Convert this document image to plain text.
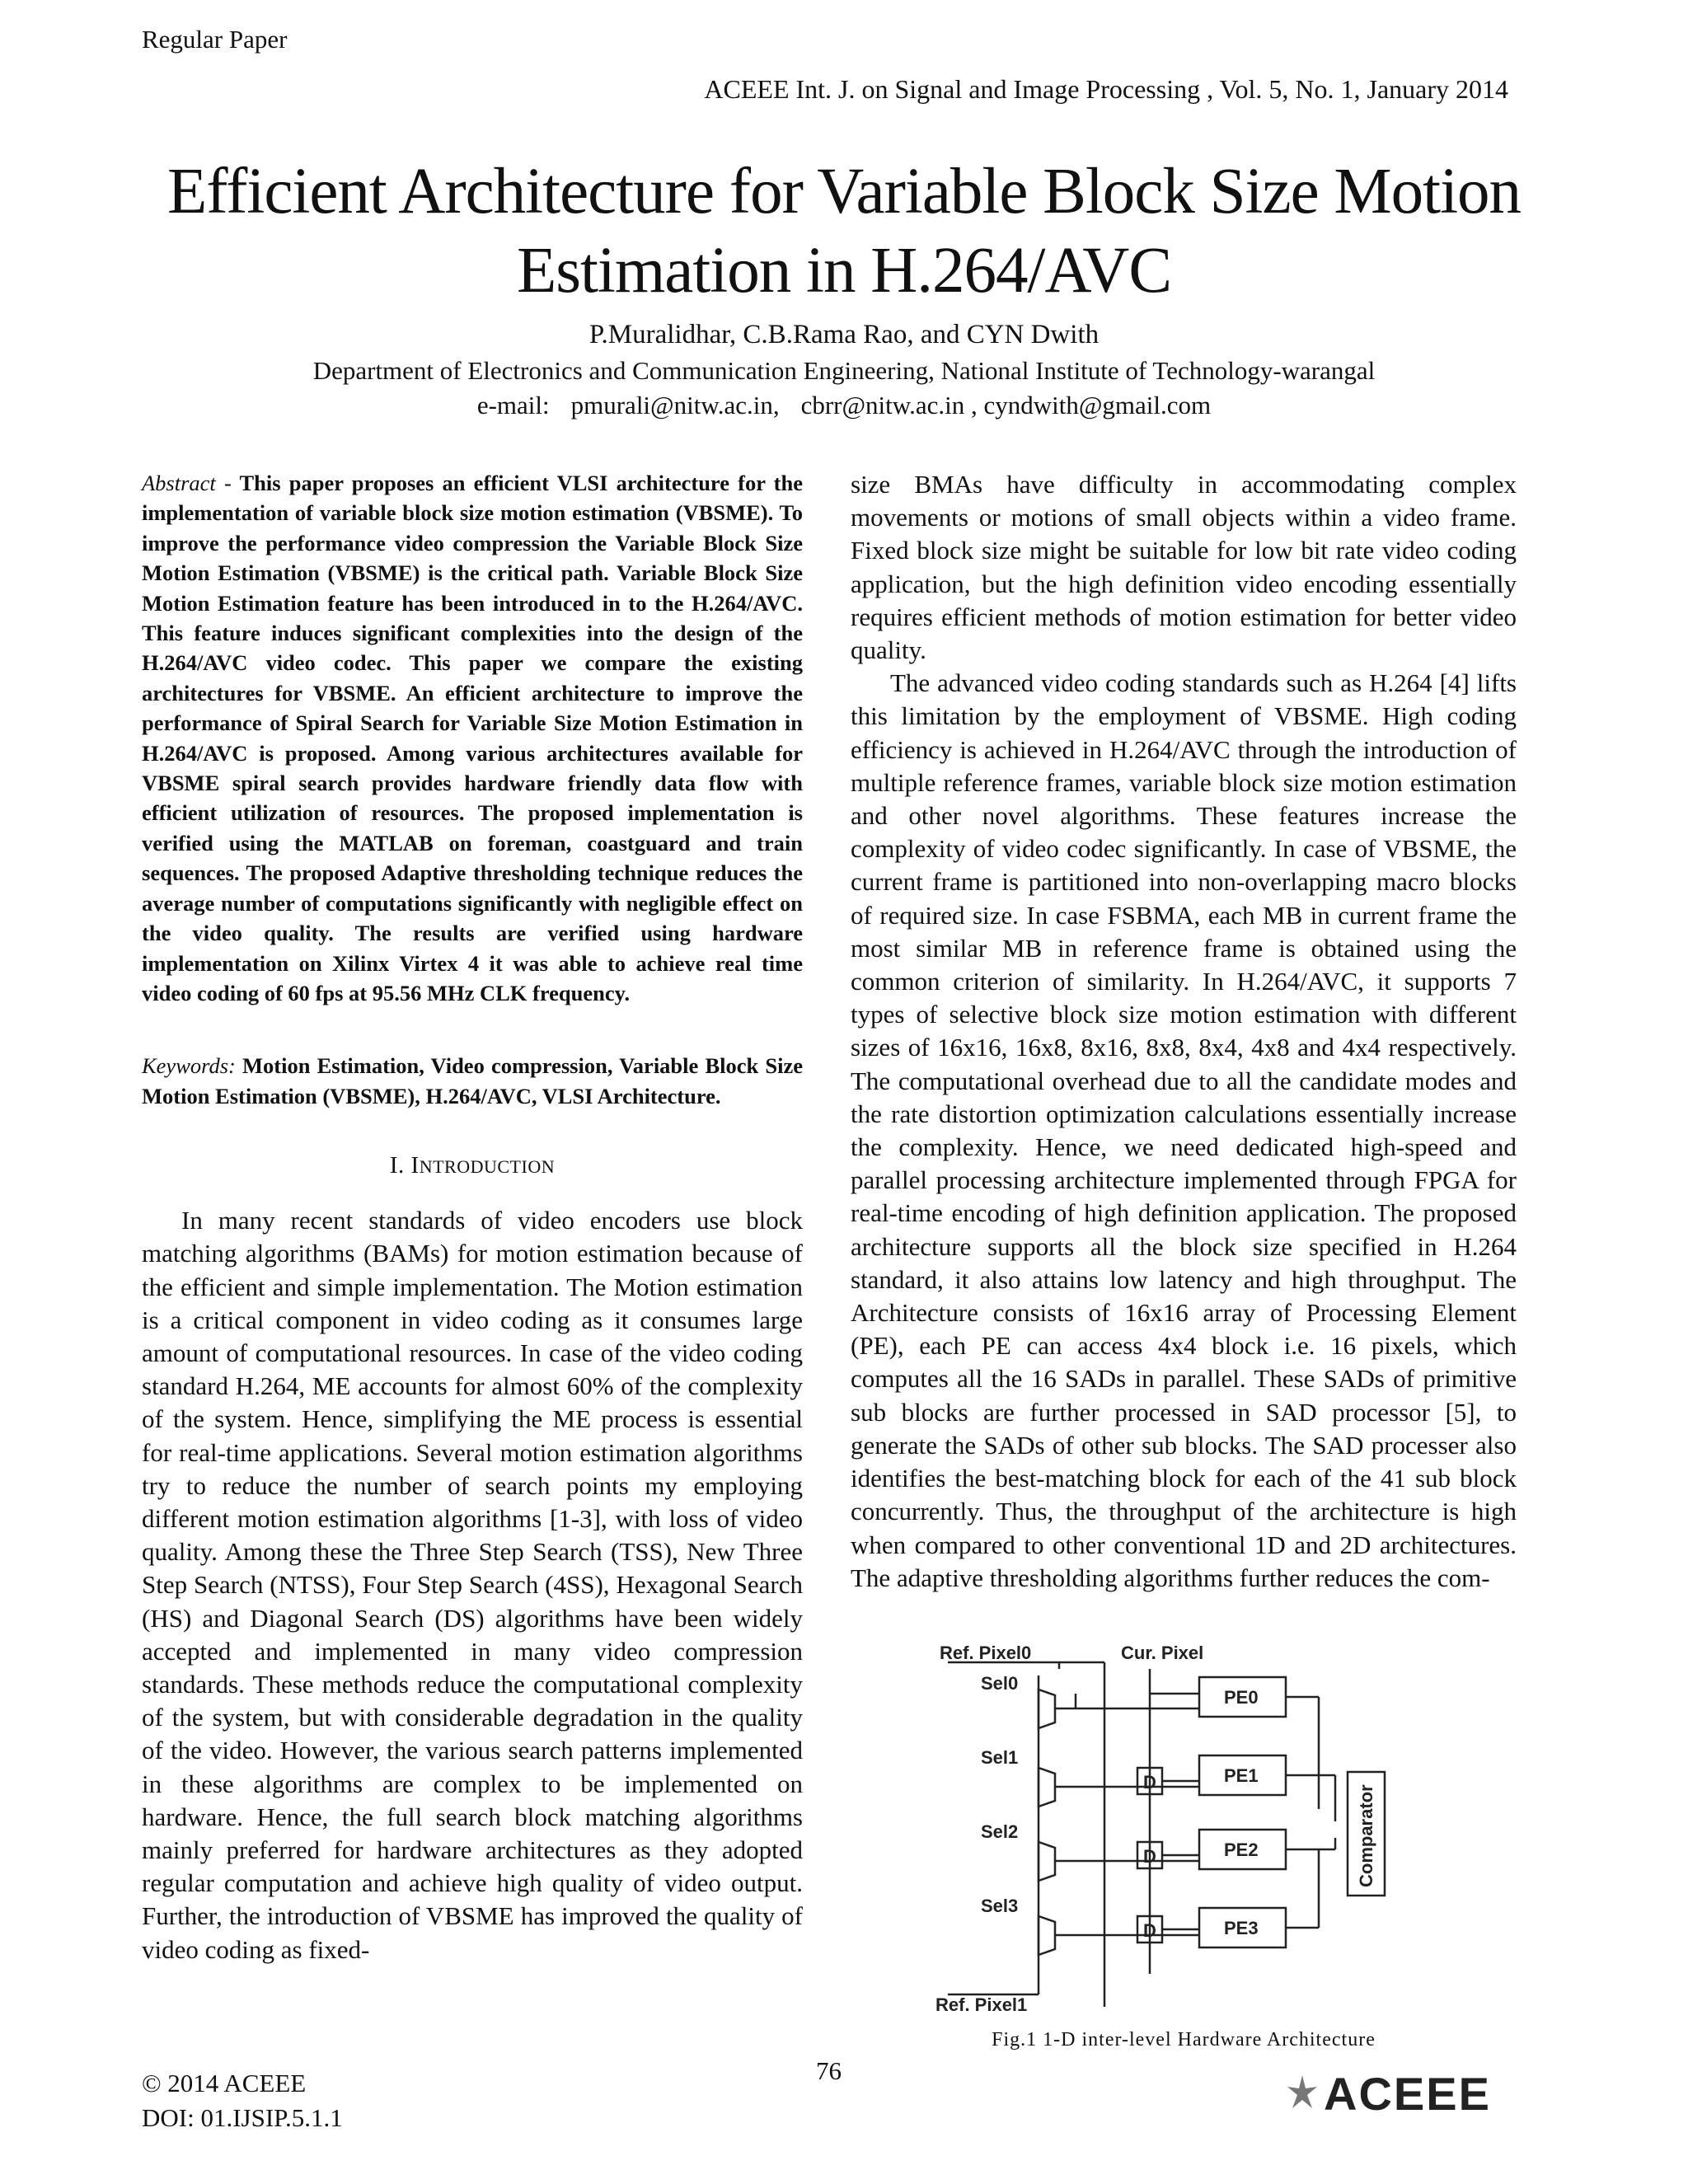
Regular Paper
ACEEE Int. J. on Signal and Image Processing , Vol. 5, No. 1, January 2014
Efficient Architecture for Variable Block Size Motion
Estimation in H.264/AVC
P.Muralidhar, C.B.Rama Rao, and CYN Dwith
Department of Electronics and Communication Engineering, National Institute of Technology-warangal
e-mail: pmurali@nitw.ac.in, cbrr@nitw.ac.in , cyndwith@gmail.com

Abstract - This paper proposes an efficient VLSI architecture for the implementation of variable block size motion estimation (VBSME). To improve the performance video compression the Variable Block Size Motion Estimation (VBSME) is the critical path. Variable Block Size Motion Estimation feature has been introduced in to the H.264/AVC. This feature induces significant complexities into the design of the H.264/AVC video codec. This paper we compare the existing architectures for VBSME. An efficient architecture to improve the performance of Spiral Search for Variable Size Motion Estimation in H.264/AVC is proposed. Among various architectures available for VBSME spiral search provides hardware friendly data flow with efficient utilization of resources. The proposed implementation is verified using the MATLAB on foreman, coastguard and train sequences. The proposed Adaptive thresholding technique reduces the average number of computations significantly with negligible effect on the video quality. The results are verified using hardware implementation on Xilinx Virtex 4 it was able to achieve real time video coding of 60 fps at 95.56 MHz CLK frequency.

Keywords: Motion Estimation, Video compression, Variable Block Size Motion Estimation (VBSME), H.264/AVC, VLSI Architecture.

I. INTRODUCTION

In many recent standards of video encoders use block matching algorithms (BAMs) for motion estimation because of the efficient and simple implementation. The Motion estimation is a critical component in video coding as it consumes large amount of computational resources. In case of the video coding standard H.264, ME accounts for almost 60% of the complexity of the system. Hence, simplifying the ME process is essential for real-time applications. Several motion estimation algorithms try to reduce the number of search points my employing different motion estimation algorithms [1-3], with loss of video quality. Among these the Three Step Search (TSS), New Three Step Search (NTSS), Four Step Search (4SS), Hexagonal Search (HS) and Diagonal Search (DS) algorithms have been widely accepted and implemented in many video compression standards. These methods reduce the computational complexity of the system, but with considerable degradation in the quality of the video. However, the various search patterns implemented in these algorithms are complex to be implemented on hardware. Hence, the full search block matching algorithms mainly preferred for hardware architectures as they adopted regular computation and achieve high quality of video output. Further, the introduction of VBSME has improved the quality of video coding as fixed-

size BMAs have difficulty in accommodating complex movements or motions of small objects within a video frame. Fixed block size might be suitable for low bit rate video coding application, but the high definition video encoding essentially requires efficient methods of motion estimation for better video quality.

The advanced video coding standards such as H.264 [4] lifts this limitation by the employment of VBSME. High coding efficiency is achieved in H.264/AVC through the introduction of multiple reference frames, variable block size motion estimation and other novel algorithms. These features increase the complexity of video codec significantly. In case of VBSME, the current frame is partitioned into non-overlapping macro blocks of required size. In case FSBMA, each MB in current frame the most similar MB in reference frame is obtained using the common criterion of similarity. In H.264/AVC, it supports 7 types of selective block size motion estimation with different sizes of 16x16, 16x8, 8x16, 8x8, 8x4, 4x8 and 4x4 respectively. The computational overhead due to all the candidate modes and the rate distortion optimization calculations essentially increase the complexity. Hence, we need dedicated high-speed and parallel processing architecture implemented through FPGA for real-time encoding of high definition application. The proposed architecture supports all the block size specified in H.264 standard, it also attains low latency and high throughput. The Architecture consists of 16x16 array of Processing Element (PE), each PE can access 4x4 block i.e. 16 pixels, which computes all the 16 SADs in parallel. These SADs of primitive sub blocks are further processed in SAD processor [5], to generate the SADs of other sub blocks. The SAD processer also identifies the best-matching block for each of the 41 sub block concurrently. Thus, the throughput of the architecture is high when compared to other conventional 1D and 2D architectures. The adaptive thresholding algorithms further reduces the com-

Ref. Pixel0	Cur. Pixel
Sel0
Sel1
Sel2
Sel3
Ref. Pixel1
PE0
PE1
PE2
PE3
D
D
D
Comparator
Fig.1 1-D inter-level Hardware Architecture
76
© 2014 ACEEE
DOI: 01.IJSIP.5.1.1	ACEEE
